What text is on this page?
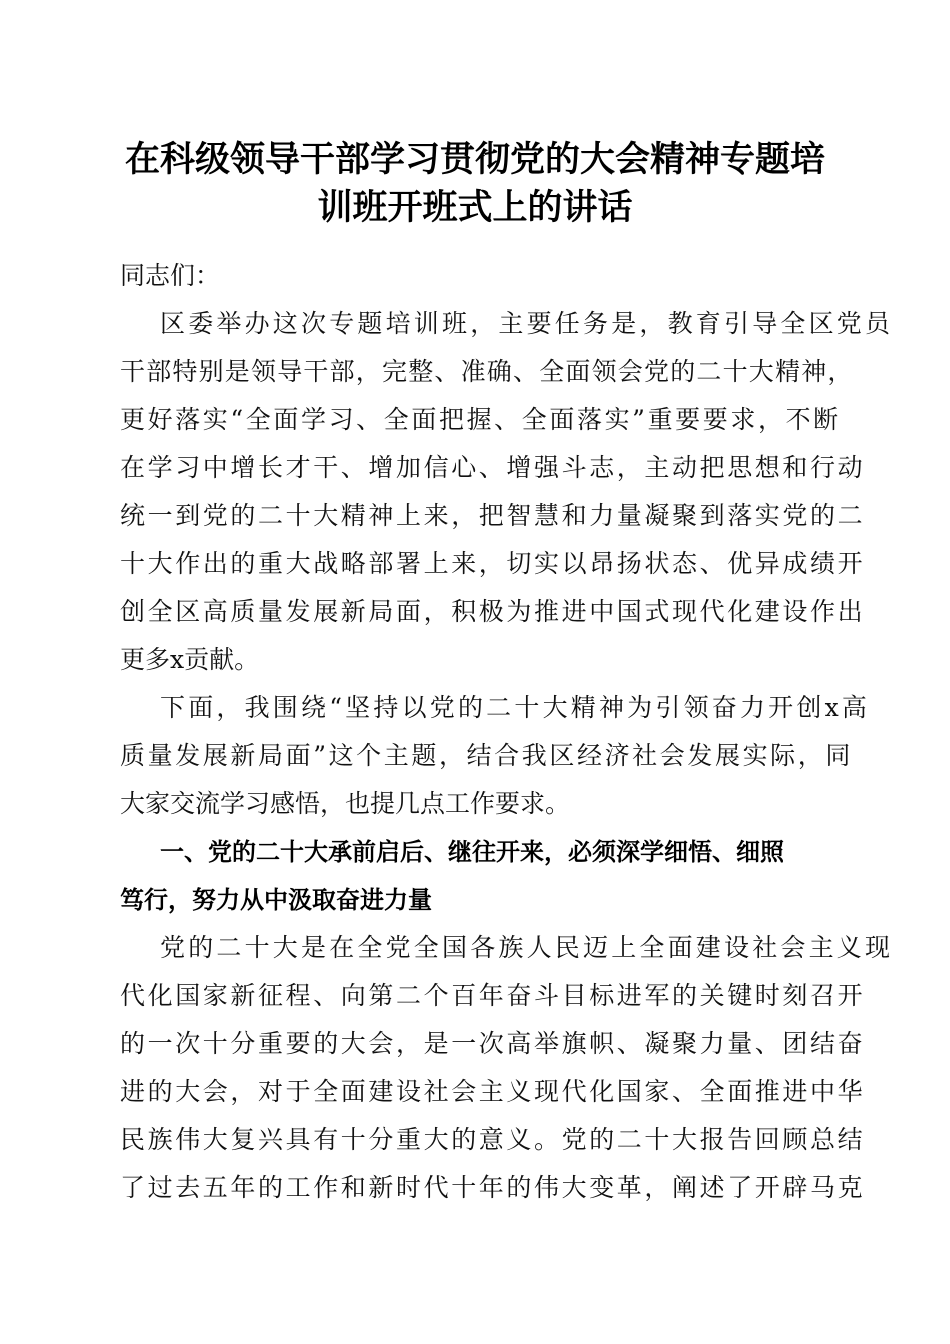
在科级领导干部学习贯彻党的大会精神专题培
训班开班式上的讲话

同志们：

区委举办这次专题培训班，主要任务是，教育引导全区党员
干部特别是领导干部，完整、准确、全面领会党的二十大精神，
更好落实“全面学习、全面把握、全面落实”重要要求，不断
在学习中增长才干、增加信心、增强斗志，主动把思想和行动
统一到党的二十大精神上来，把智慧和力量凝聚到落实党的二
十大作出的重大战略部署上来，切实以昂扬状态、优异成绩开
创全区高质量发展新局面，积极为推进中国式现代化建设作出
更多x贡献。

下面，我围绕“坚持以党的二十大精神为引领奋力开创x高
质量发展新局面”这个主题，结合我区经济社会发展实际，同
大家交流学习感悟，也提几点工作要求。

一、党的二十大承前启后、继往开来，必须深学细悟、细照
笃行，努力从中汲取奋进力量

党的二十大是在全党全国各族人民迈上全面建设社会主义现
代化国家新征程、向第二个百年奋斗目标进军的关键时刻召开
的一次十分重要的大会，是一次高举旗帜、凝聚力量、团结奋
进的大会，对于全面建设社会主义现代化国家、全面推进中华
民族伟大复兴具有十分重大的意义。党的二十大报告回顾总结
了过去五年的工作和新时代十年的伟大变革，阐述了开辟马克
